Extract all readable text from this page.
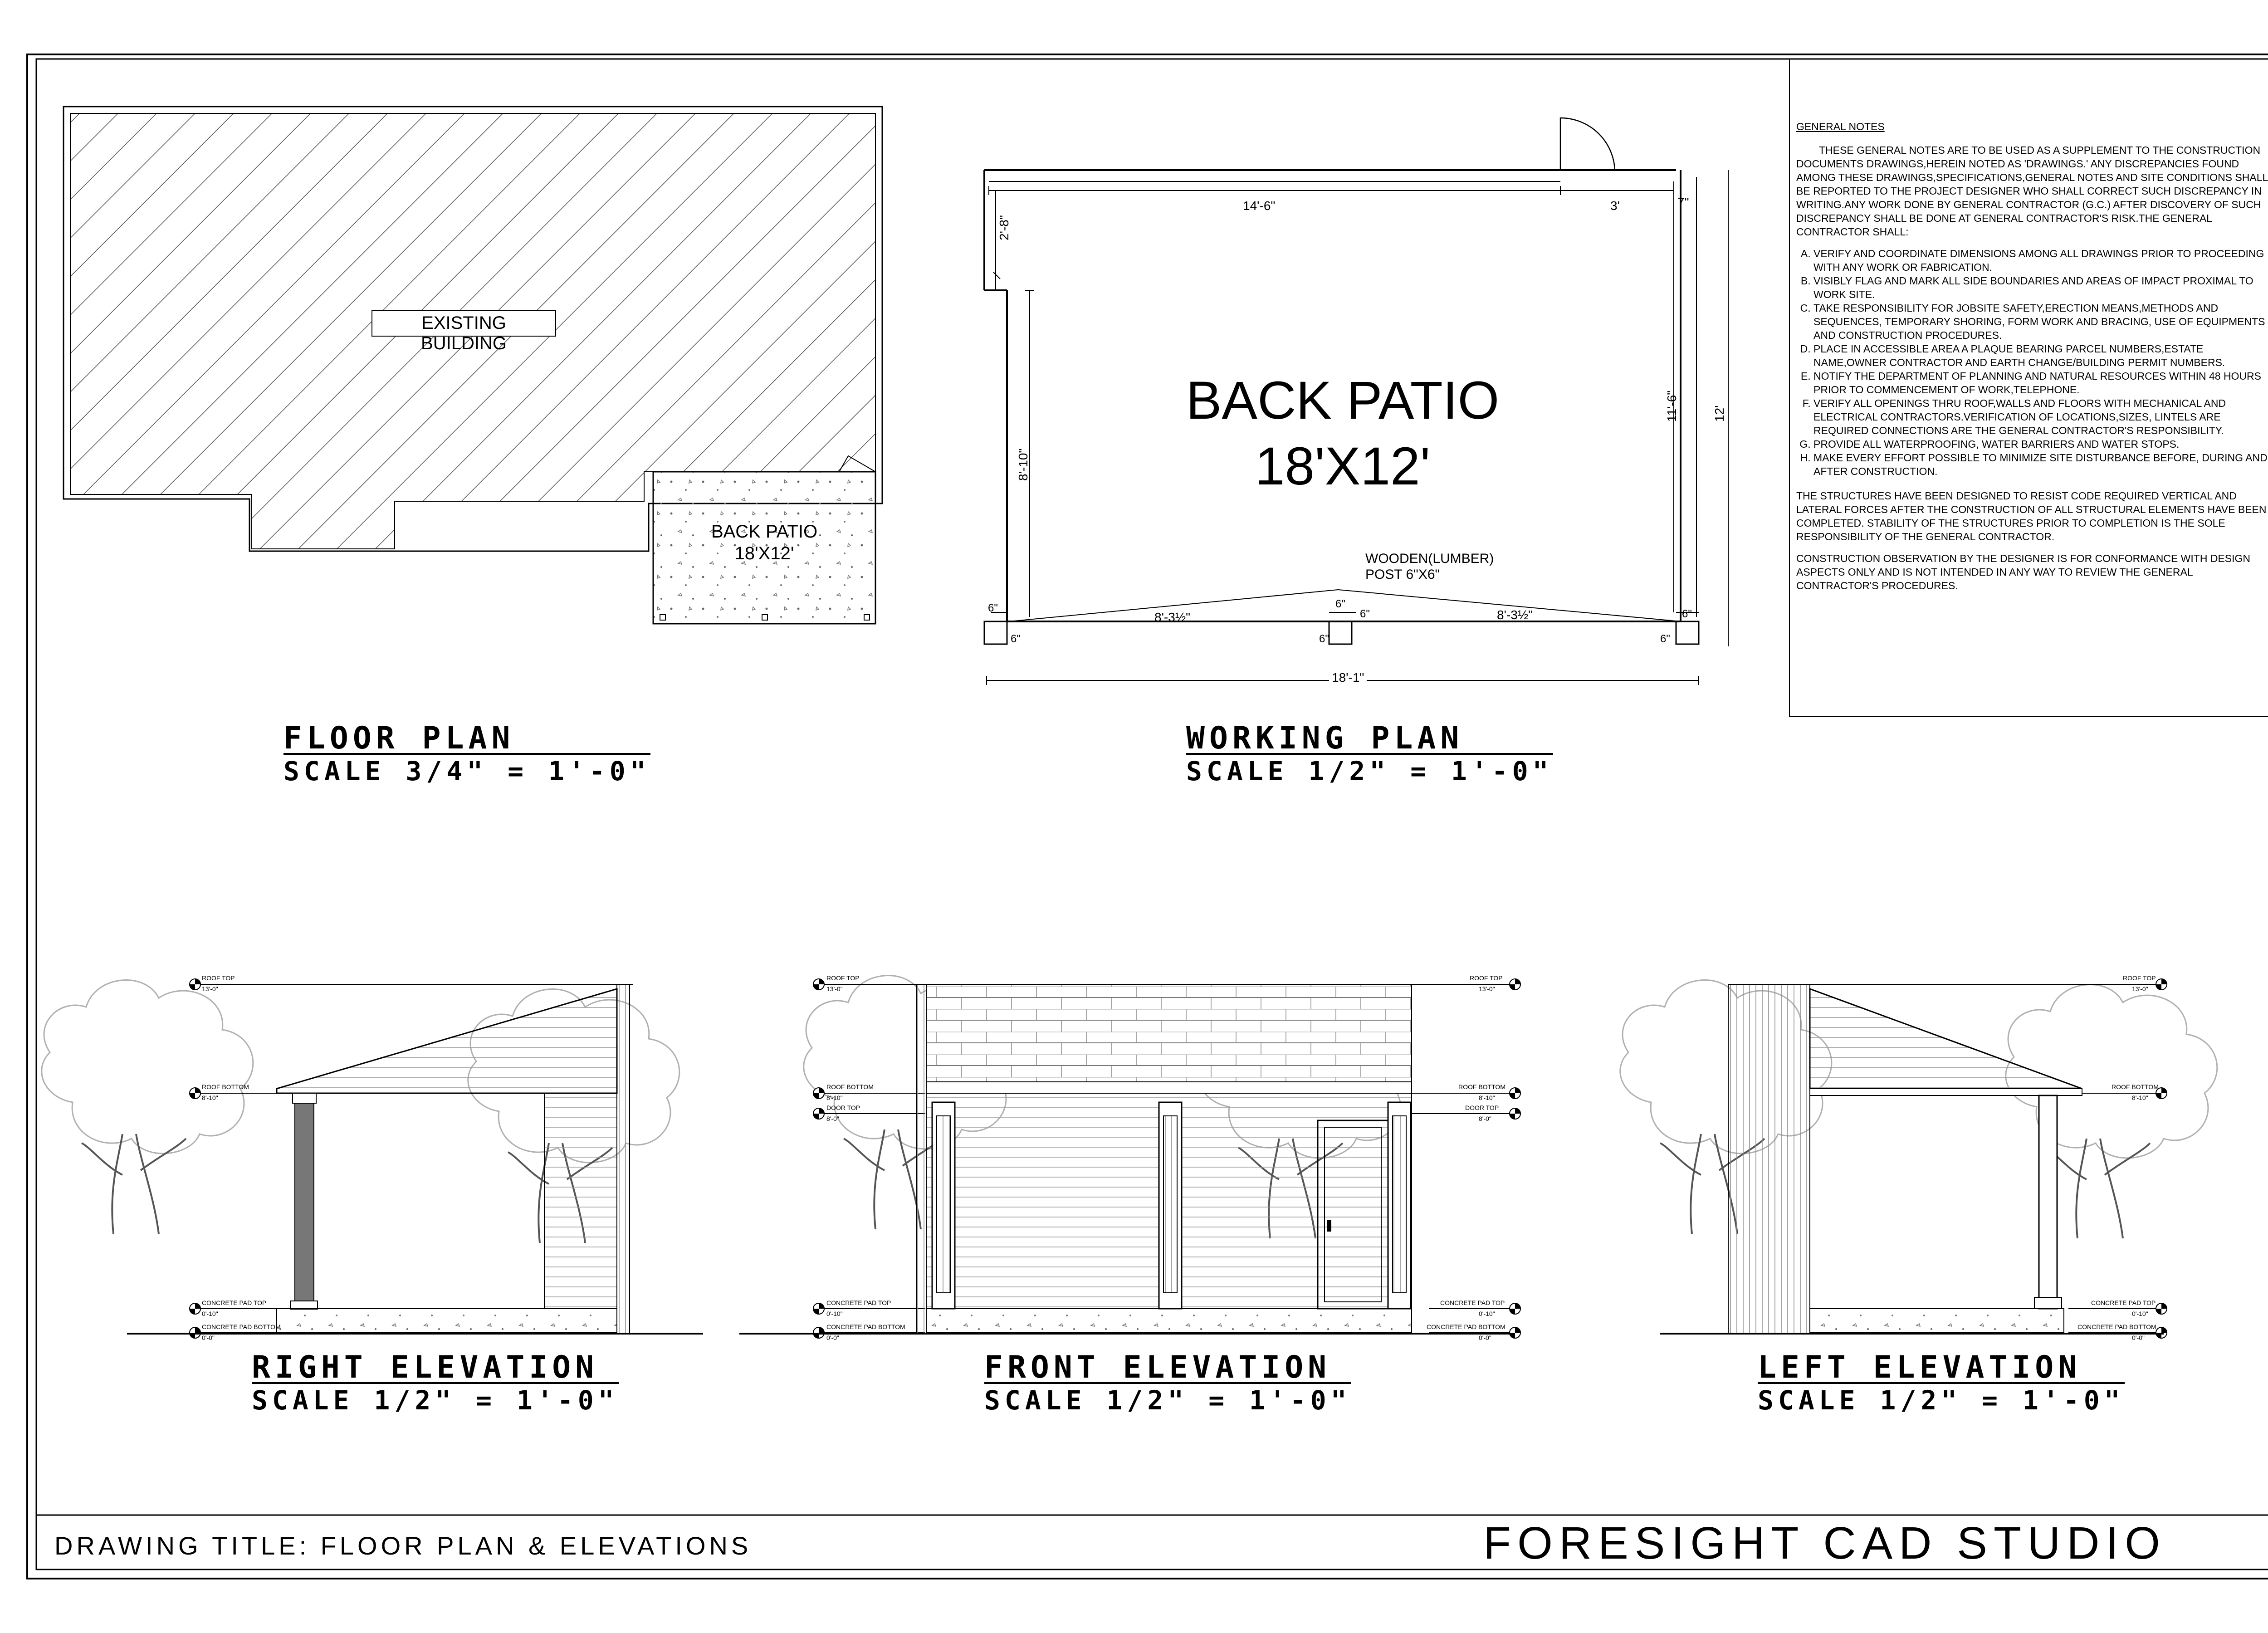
EXISTING BUILDING
BACK PATIO
18'X12'
FLOOR PLAN
SCALE 3/4" = 1'-0"
BACK PATIO
18'X12'
WOODEN(LUMBER)
POST 6"X6"
14'-6"	3'	7"
2'-8"
8'-10"
11'-6"	12'
8'-3½"	8'-3½"
6"
6"
6"
6"
6"
6"
6"
18'-1"
WORKING PLAN
SCALE 1/2" = 1'-0"
ROOF TOP
13'-0"
ROOF BOTTOM
8'-10"
CONCRETE PAD TOP
0'-10"
CONCRETE PAD BOTTOM
0'-0"
ROOF TOP
13'-0"
ROOF BOTTOM
8'-10"
DOOR TOP
8'-0"
CONCRETE PAD TOP
0'-10"
CONCRETE PAD BOTTOM
0'-0"
ROOF TOP
13'-0"
ROOF BOTTOM
8'-10"
DOOR TOP
8'-0"
CONCRETE PAD TOP
0'-10"
CONCRETE PAD BOTTOM
0'-0"
ROOF TOP
13'-0"
ROOF BOTTOM
8'-10"
CONCRETE PAD TOP
0'-10"
CONCRETE PAD BOTTOM
0'-0"
RIGHT ELEVATION
SCALE 1/2" = 1'-0"
FRONT ELEVATION
SCALE 1/2" = 1'-0"
LEFT ELEVATION
SCALE 1/2" = 1'-0"
GENERAL NOTES

THESE GENERAL NOTES ARE TO BE USED AS A SUPPLEMENT TO THE CONSTRUCTION DOCUMENTS DRAWINGS,HEREIN NOTED AS 'DRAWINGS.' ANY DISCREPANCIES FOUND AMONG THESE DRAWINGS,SPECIFICATIONS,GENERAL NOTES AND SITE CONDITIONS SHALL BE REPORTED TO THE PROJECT DESIGNER WHO SHALL CORRECT SUCH DISCREPANCY IN WRITING.ANY WORK DONE BY GENERAL CONTRACTOR (G.C.) AFTER DISCOVERY OF SUCH DISCREPANCY SHALL BE DONE AT GENERAL CONTRACTOR'S RISK.THE GENERAL CONTRACTOR SHALL:

A. VERIFY AND COORDINATE DIMENSIONS AMONG ALL DRAWINGS PRIOR TO PROCEEDING WITH ANY WORK OR FABRICATION.
B. VISIBLY FLAG AND MARK ALL SIDE BOUNDARIES AND AREAS OF IMPACT PROXIMAL TO WORK SITE.
C. TAKE RESPONSIBILITY FOR JOBSITE SAFETY,ERECTION MEANS,METHODS AND SEQUENCES, TEMPORARY SHORING, FORM WORK AND BRACING, USE OF EQUIPMENTS AND CONSTRUCTION PROCEDURES.
D. PLACE IN ACCESSIBLE AREA A PLAQUE BEARING PARCEL NUMBERS,ESTATE NAME,OWNER CONTRACTOR AND EARTH CHANGE/BUILDING PERMIT NUMBERS.
E. NOTIFY THE DEPARTMENT OF PLANNING AND NATURAL RESOURCES WITHIN 48 HOURS PRIOR TO COMMENCEMENT OF WORK,TELEPHONE.
F. VERIFY ALL OPENINGS THRU ROOF,WALLS AND FLOORS WITH MECHANICAL AND ELECTRICAL CONTRACTORS.VERIFICATION OF LOCATIONS,SIZES, LINTELS ARE REQUIRED CONNECTIONS ARE THE GENERAL CONTRACTOR'S RESPONSIBILITY.
G. PROVIDE ALL WATERPROOFING, WATER BARRIERS AND WATER STOPS.
H. MAKE EVERY EFFORT POSSIBLE TO MINIMIZE SITE DISTURBANCE BEFORE, DURING AND AFTER CONSTRUCTION.

THE STRUCTURES HAVE BEEN DESIGNED TO RESIST CODE REQUIRED VERTICAL AND LATERAL FORCES AFTER THE CONSTRUCTION OF ALL STRUCTURAL ELEMENTS HAVE BEEN COMPLETED. STABILITY OF THE STRUCTURES PRIOR TO COMPLETION IS THE SOLE RESPONSIBILITY OF THE GENERAL CONTRACTOR.

CONSTRUCTION OBSERVATION BY THE DESIGNER IS FOR CONFORMANCE WITH DESIGN ASPECTS ONLY AND IS NOT INTENDED IN ANY WAY TO REVIEW THE GENERAL CONTRACTOR'S PROCEDURES.

DRAWING TITLE: FLOOR PLAN & ELEVATIONS	FORESIGHT CAD STUDIO
